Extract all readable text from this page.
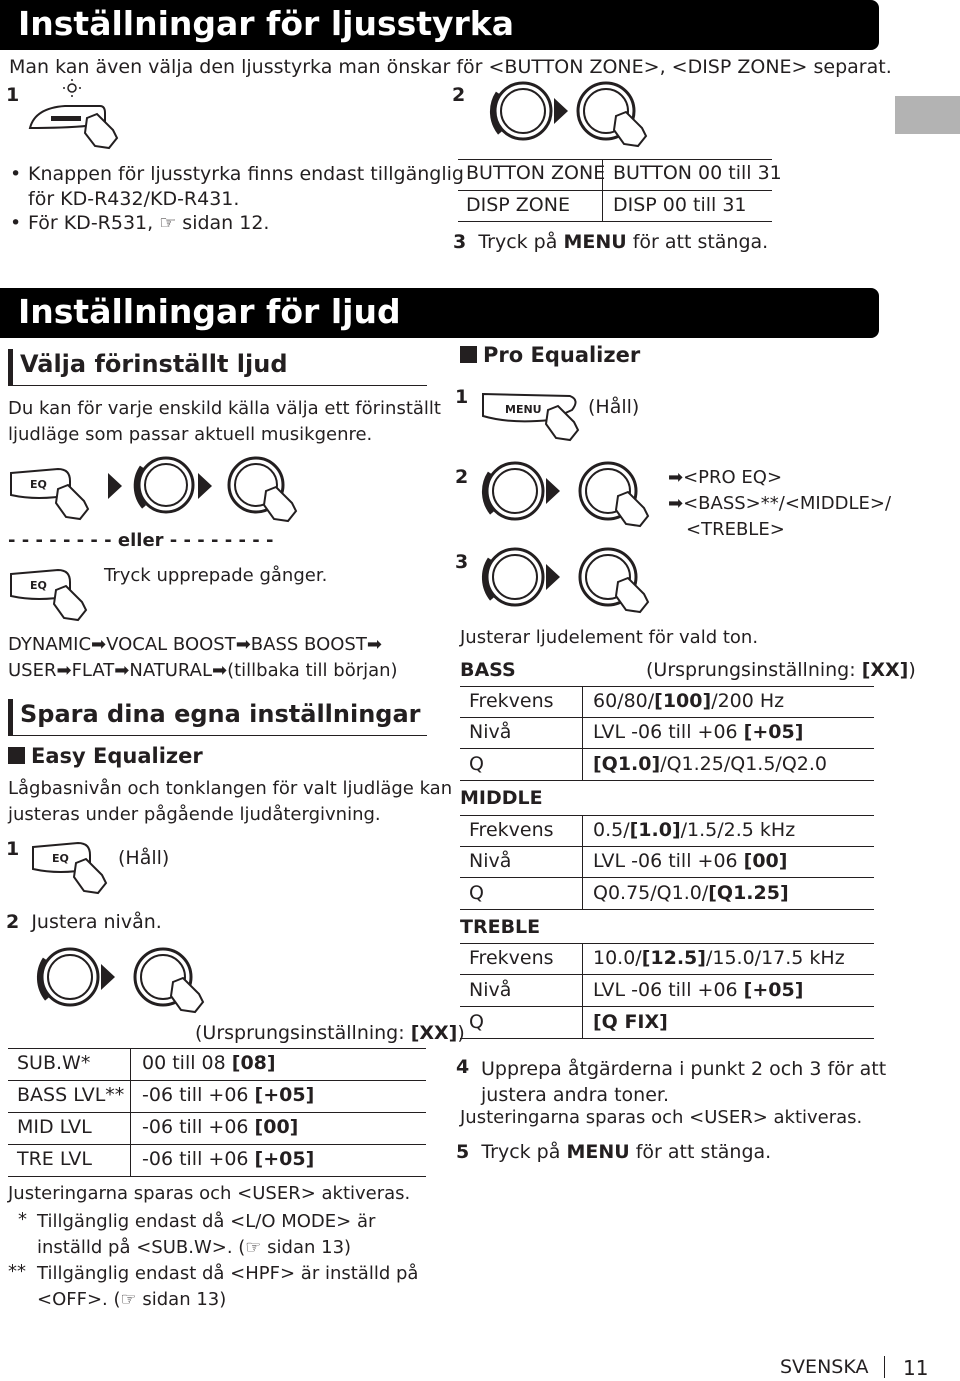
Inställningar för ljusstyrka
Man kan även välja den ljusstyrka man önskar för <BUTTON ZONE>, <DISP ZONE> separat.
1	2
• Knappen för ljusstyrka finns endast tillgänglig
för KD-R432/KD-R431.
• För KD-R531, ☞ sidan 12.
BUTTON ZONE BUTTON 00 till 31
DISP ZONE DISP 00 till 31
3 Tryck på MENU för att stänga.
Inställningar för ljud
Välja förinställt ljud
Du kan för varje enskild källa välja ett förinställt
ljudläge som passar aktuell musikgenre.
EQ
- - - - - - - - eller - - - - - - - -
EQ	Tryck upprepade gånger.
DYNAMIC➡VOCAL BOOST➡BASS BOOST➡
USER➡FLAT➡NATURAL➡(tillbaka till början)
Spara dina egna inställningar
Easy Equalizer
Lågbasnivån och tonklangen för valt ljudläge kan
justeras under pågående ljudåtergivning.
1	EQ	(Håll)
2 Justera nivån.
(Ursprungsinställning: [XX])
SUB.W*	00 till 08 [08]
BASS LVL** -06 till +06 [+05]
MID LVL	-06 till +06 [00]
TRE LVL	-06 till +06 [+05]
Justeringarna sparas och <USER> aktiveras.
* Tillgänglig endast då <L/O MODE> är
inställd på <SUB.W>. (☞ sidan 13)
** Tillgänglig endast då <HPF> är inställd på
<OFF>. (☞ sidan 13)
Pro Equalizer
1
MENU (Håll)
2	➡<PRO EQ>
➡<BASS>**/<MIDDLE>/
<TREBLE>
3
Justerar ljudelement för vald ton.
BASS	(Ursprungsinställning: [XX])
Frekvens 60/80/[100]/200 Hz
Nivå	LVL -06 till +06 [+05]
Q	[Q1.0]/Q1.25/Q1.5/Q2.0
MIDDLE
Frekvens 0.5/[1.0]/1.5/2.5 kHz
Nivå	LVL -06 till +06 [00]
Q	Q0.75/Q1.0/[Q1.25]
TREBLE
Frekvens 10.0/[12.5]/15.0/17.5 kHz
Nivå	LVL -06 till +06 [+05]
Q	[Q FIX]
4 Upprepa åtgärderna i punkt 2 och 3 för att
justera andra toner.
Justeringarna sparas och <USER> aktiveras.
5 Tryck på MENU för att stänga.
SVENSKA 11
